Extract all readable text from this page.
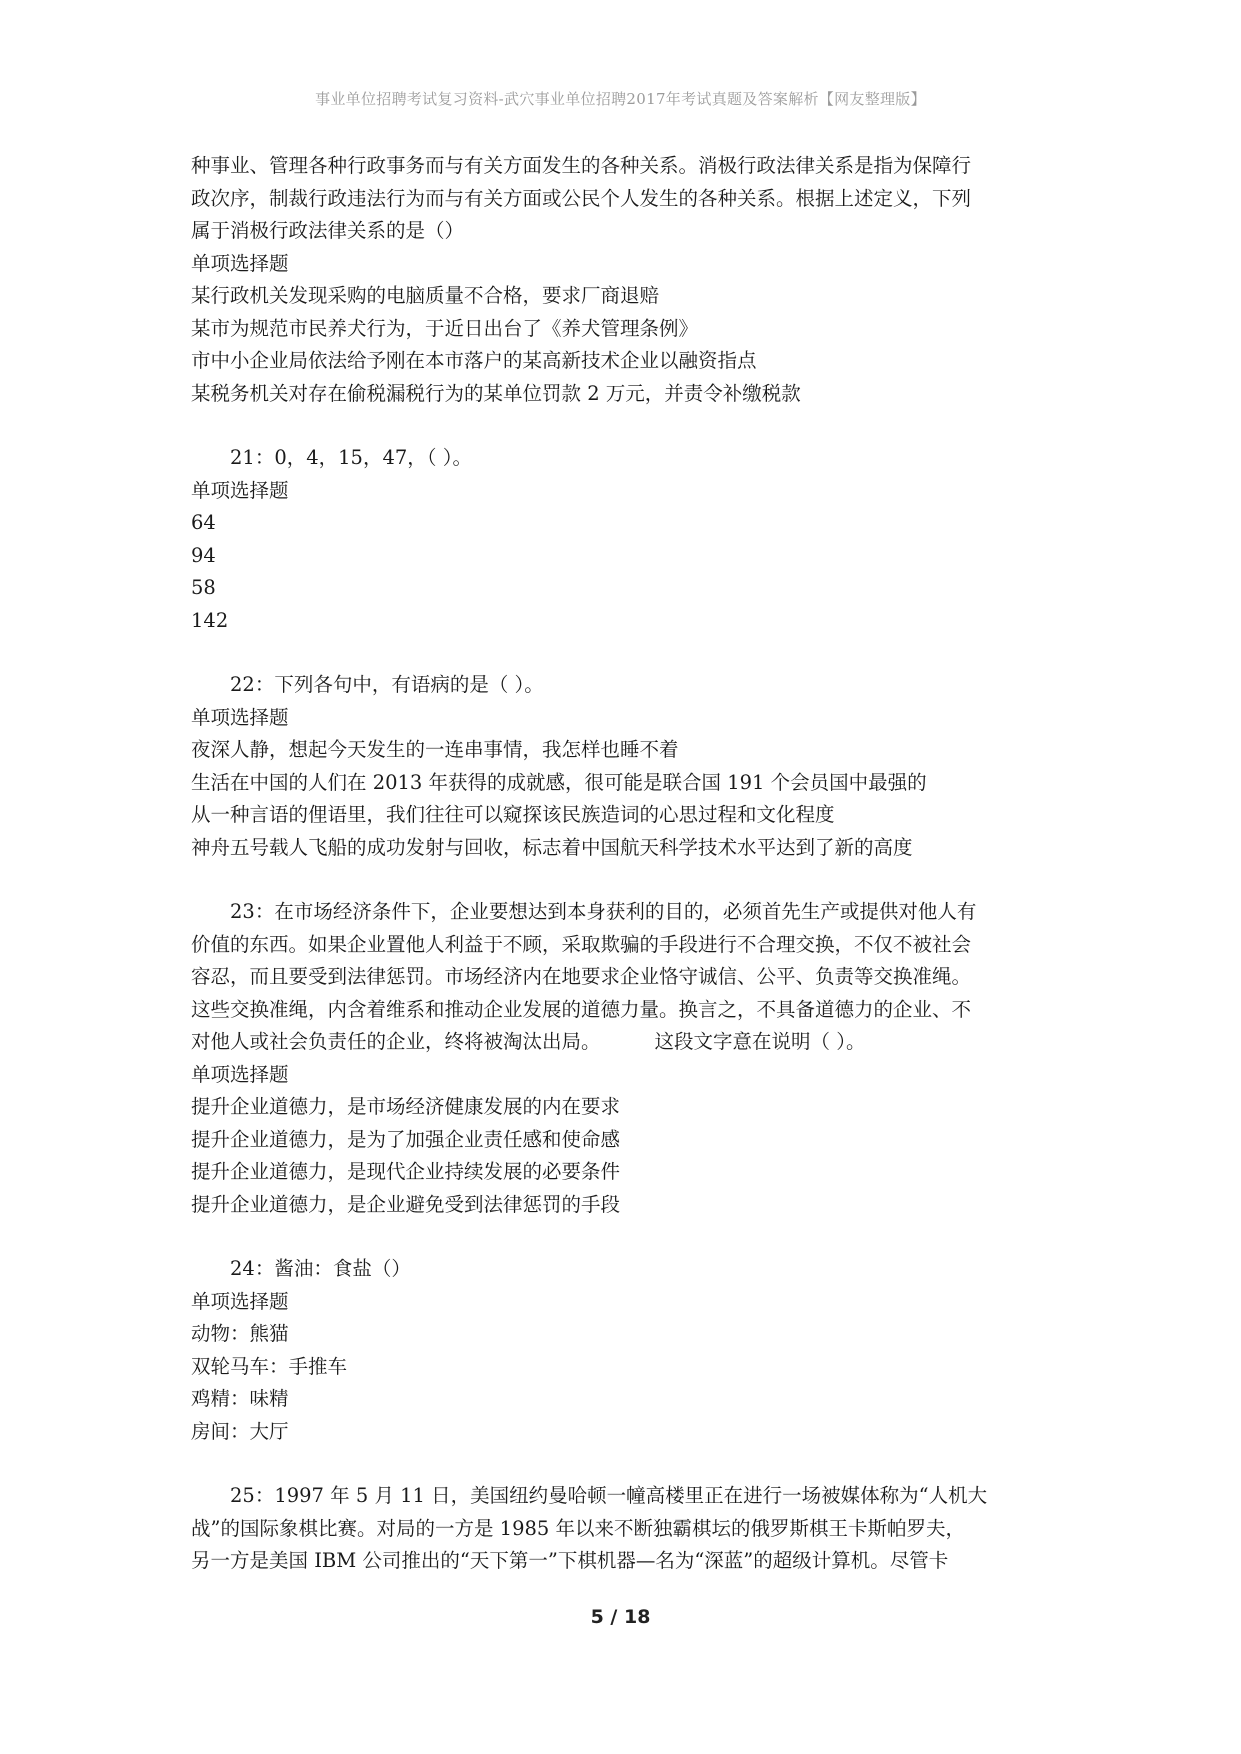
事业单位招聘考试复习资料-武穴事业单位招聘2017年考试真题及答案解析【网友整理版】
种事业、管理各种行政事务而与有关方面发生的各种关系。消极行政法律关系是指为保障行
政次序，制裁行政违法行为而与有关方面或公民个人发生的各种关系。根据上述定义，下列
属于消极行政法律关系的是（）
单项选择题
某行政机关发现采购的电脑质量不合格，要求厂商退赔
某市为规范市民养犬行为，于近日出台了《养犬管理条例》
市中小企业局依法给予刚在本市落户的某高新技术企业以融资指点
某税务机关对存在偷税漏税行为的某单位罚款 2 万元，并责令补缴税款
21：0，4，15，47，（ ）。
单项选择题
64
94
58
142
22：下列各句中，有语病的是（ ）。
单项选择题
夜深人静，想起今天发生的一连串事情，我怎样也睡不着
生活在中国的人们在 2013 年获得的成就感，很可能是联合国 191 个会员国中最强的
从一种言语的俚语里，我们往往可以窥探该民族造词的心思过程和文化程度
神舟五号载人飞船的成功发射与回收，标志着中国航天科学技术水平达到了新的高度
23：在市场经济条件下，企业要想达到本身获利的目的，必须首先生产或提供对他人有
价值的东西。如果企业置他人利益于不顾，采取欺骗的手段进行不合理交换，不仅不被社会
容忍，而且要受到法律惩罚。市场经济内在地要求企业恪守诚信、公平、负责等交换准绳。
这些交换准绳，内含着维系和推动企业发展的道德力量。换言之，不具备道德力的企业、不
对他人或社会负责任的企业，终将被淘汰出局。	这段文字意在说明（ ）。
单项选择题
提升企业道德力，是市场经济健康发展的内在要求
提升企业道德力，是为了加强企业责任感和使命感
提升企业道德力，是现代企业持续发展的必要条件
提升企业道德力，是企业避免受到法律惩罚的手段
24：酱油：食盐（）
单项选择题
动物：熊猫
双轮马车：手推车
鸡精：味精
房间：大厅
25：1997 年 5 月 11 日，美国纽约曼哈顿一幢高楼里正在进行一场被媒体称为“人机大
战”的国际象棋比赛。对局的一方是 1985 年以来不断独霸棋坛的俄罗斯棋王卡斯帕罗夫，
另一方是美国 IBM 公司推出的“天下第一”下棋机器—名为“深蓝”的超级计算机。尽管卡
5 / 18
